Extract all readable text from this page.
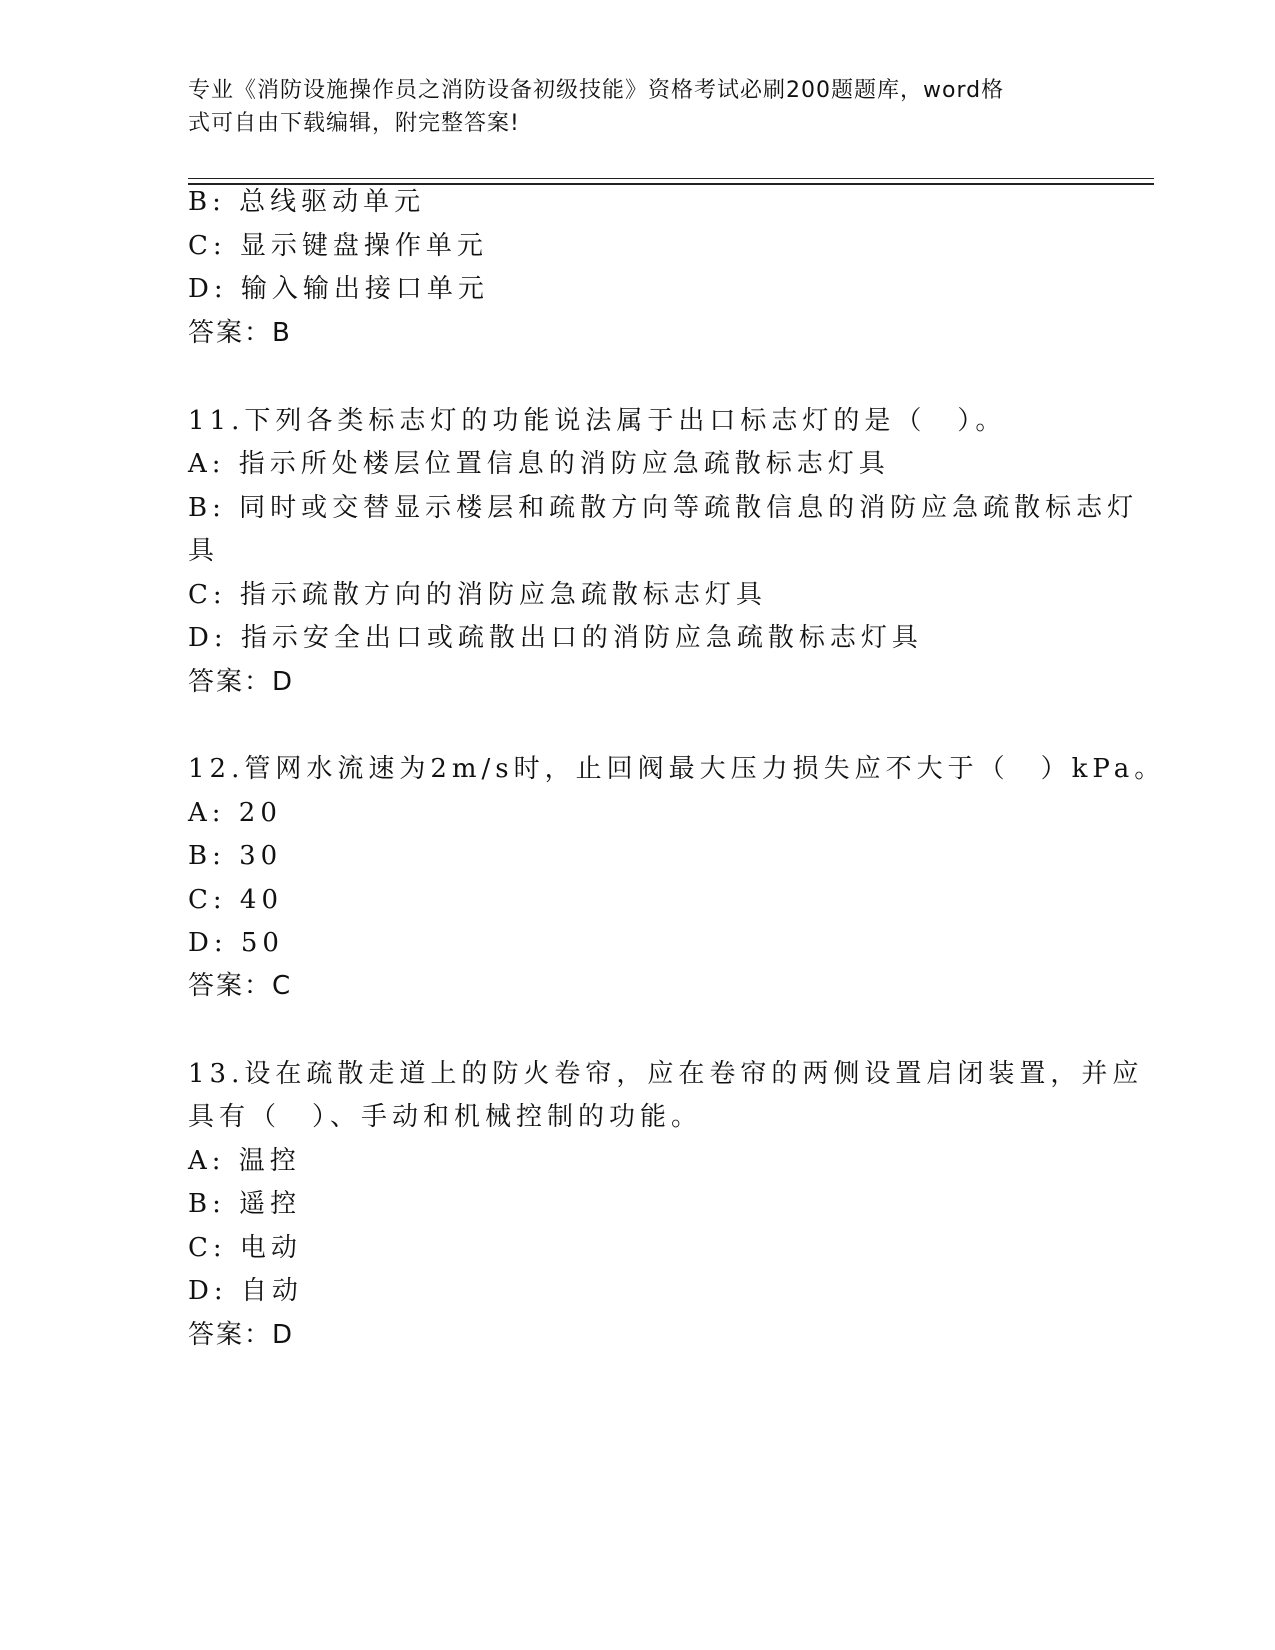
专业《消防设施操作员之消防设备初级技能》资格考试必刷200题题库，word格
式可自由下载编辑，附完整答案!
B: 总线驱动单元
C: 显示键盘操作单元
D: 输入输出接口单元
答案：B
11.下列各类标志灯的功能说法属于出口标志灯的是（　）。
A: 指示所处楼层位置信息的消防应急疏散标志灯具
B: 同时或交替显示楼层和疏散方向等疏散信息的消防应急疏散标志灯
具
C: 指示疏散方向的消防应急疏散标志灯具
D: 指示安全出口或疏散出口的消防应急疏散标志灯具
答案：D
12.管网水流速为2m/s时，止回阀最大压力损失应不大于（　）kPa。
A: 20
B: 30
C: 40
D: 50
答案：C
13.设在疏散走道上的防火卷帘，应在卷帘的两侧设置启闭装置，并应
具有（　）、手动和机械控制的功能。
A: 温控
B: 遥控
C: 电动
D: 自动
答案：D
